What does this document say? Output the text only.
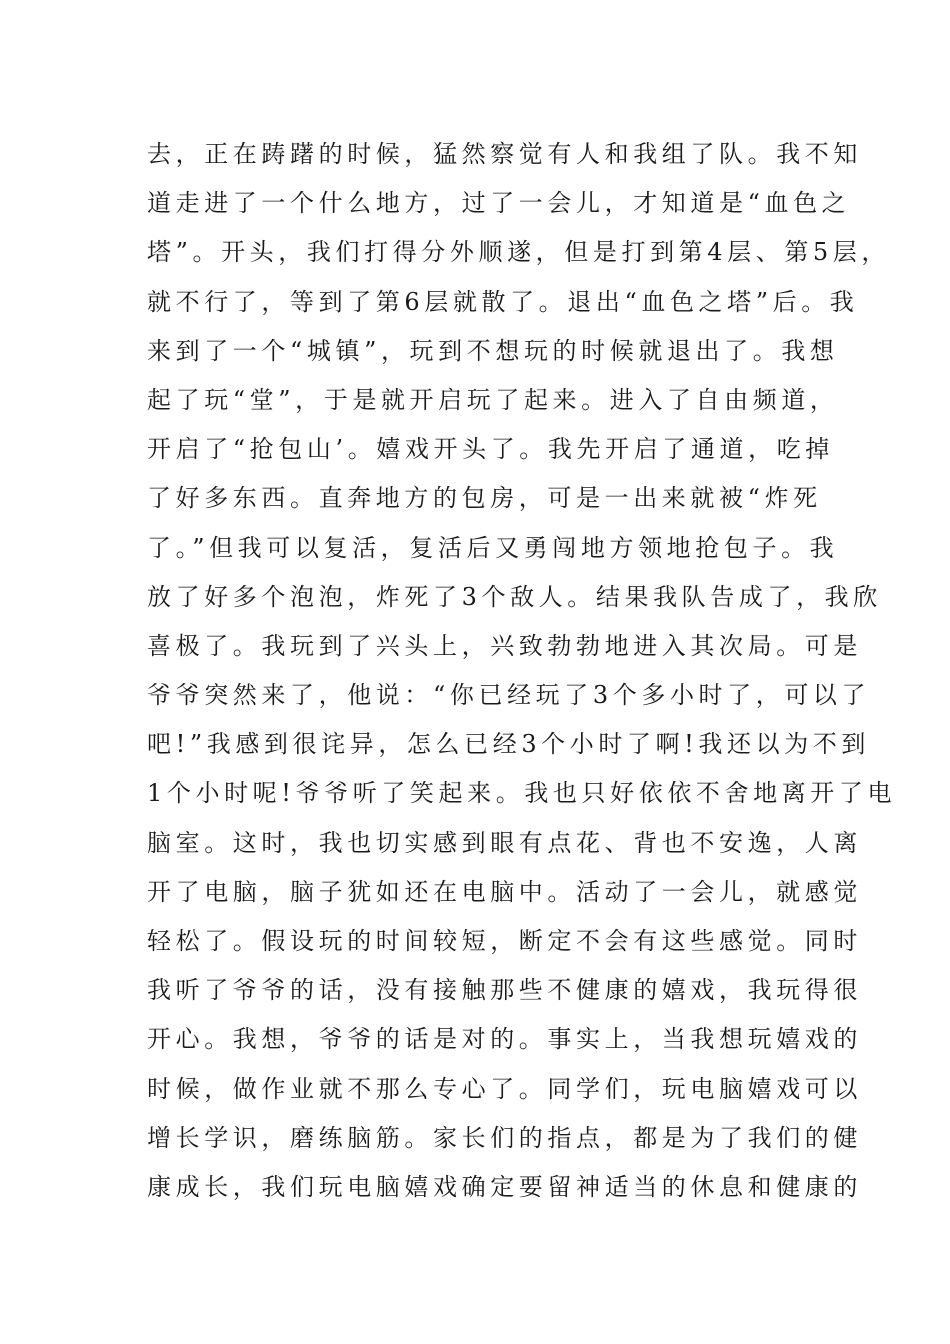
去，正在踌躇的时候，猛然察觉有人和我组了队。我不知
道走进了一个什么地方，过了一会儿，才知道是“血色之
塔”。开头，我们打得分外顺遂，但是打到第4层、第5层，
就不行了，等到了第6层就散了。退出“血色之塔”后。我
来到了一个“城镇”，玩到不想玩的时候就退出了。我想
起了玩“堂”，于是就开启玩了起来。进入了自由频道，
开启了“抢包山’。嬉戏开头了。我先开启了通道，吃掉
了好多东西。直奔地方的包房，可是一出来就被“炸死
了。”但我可以复活，复活后又勇闯地方领地抢包子。我
放了好多个泡泡，炸死了3个敌人。结果我队告成了，我欣
喜极了。我玩到了兴头上，兴致勃勃地进入其次局。可是
爷爷突然来了，他说：“你已经玩了3个多小时了，可以了
吧!”我感到很诧异，怎么已经3个小时了啊!我还以为不到
1个小时呢!爷爷听了笑起来。我也只好依依不舍地离开了电
脑室。这时，我也切实感到眼有点花、背也不安逸，人离
开了电脑，脑子犹如还在电脑中。活动了一会儿，就感觉
轻松了。假设玩的时间较短，断定不会有这些感觉。同时
我听了爷爷的话，没有接触那些不健康的嬉戏，我玩得很
开心。我想，爷爷的话是对的。事实上，当我想玩嬉戏的
时候，做作业就不那么专心了。同学们，玩电脑嬉戏可以
增长学识，磨练脑筋。家长们的指点，都是为了我们的健
康成长，我们玩电脑嬉戏确定要留神适当的休息和健康的
